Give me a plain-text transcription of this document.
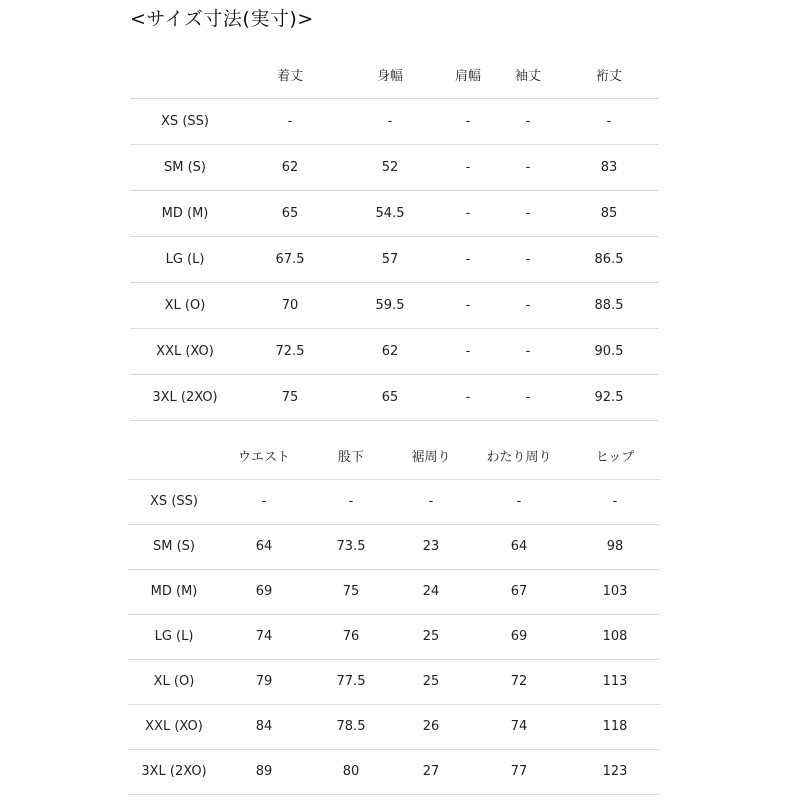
<サイズ寸法(実寸)>
	着丈	身幅	肩幅	袖丈	裄丈
XS (SS)	-	-	-	-	-
SM (S)	62	52	-	-	83
MD (M)	65	54.5	-	-	85
LG (L)	67.5	57	-	-	86.5
XL (O)	70	59.5	-	-	88.5
XXL (XO)	72.5	62	-	-	90.5
3XL (2XO)	75	65	-	-	92.5
	ウエスト	股下	裾周り	わたり周り	ヒップ
XS (SS)	-	-	-	-	-
SM (S)	64	73.5	23	64	98
MD (M)	69	75	24	67	103
LG (L)	74	76	25	69	108
XL (O)	79	77.5	25	72	113
XXL (XO)	84	78.5	26	74	118
3XL (2XO)	89	80	27	77	123
